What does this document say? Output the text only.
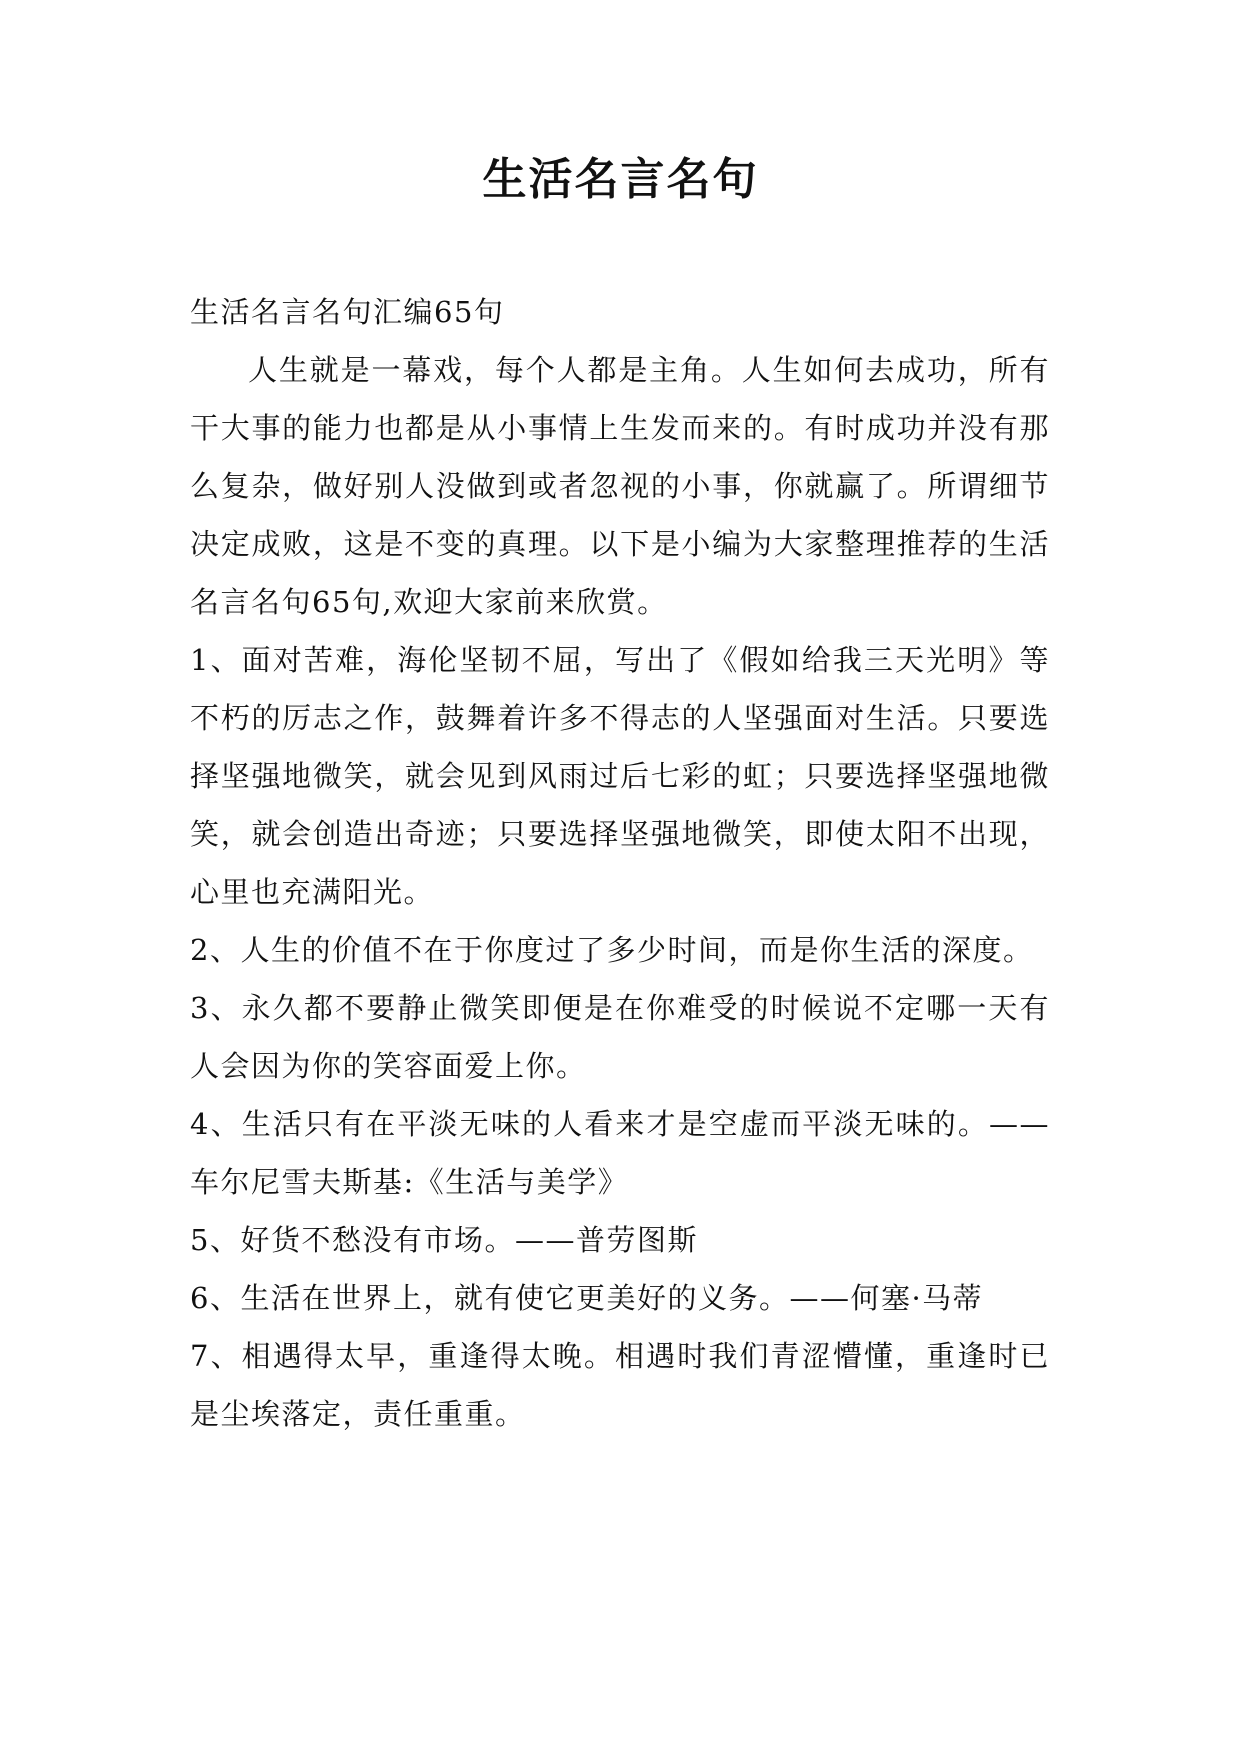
生活名言名句

生活名言名句汇编65句

人生就是一幕戏，每个人都是主角。人生如何去成功，所有干大事的能力也都是从小事情上生发而来的。有时成功并没有那么复杂，做好别人没做到或者忽视的小事，你就赢了。所谓细节决定成败，这是不变的真理。以下是小编为大家整理推荐的生活名言名句65句,欢迎大家前来欣赏。

1、面对苦难，海伦坚韧不屈，写出了《假如给我三天光明》等不朽的厉志之作，鼓舞着许多不得志的人坚强面对生活。只要选择坚强地微笑，就会见到风雨过后七彩的虹；只要选择坚强地微笑，就会创造出奇迹；只要选择坚强地微笑，即使太阳不出现，心里也充满阳光。

2、人生的价值不在于你度过了多少时间，而是你生活的深度。

3、永久都不要静止微笑即便是在你难受的时候说不定哪一天有人会因为你的笑容面爱上你。

4、生活只有在平淡无味的人看来才是空虚而平淡无味的。——车尔尼雪夫斯基:《生活与美学》

5、好货不愁没有市场。——普劳图斯

6、生活在世界上，就有使它更美好的义务。——何塞·马蒂

7、相遇得太早，重逢得太晚。相遇时我们青涩懵懂，重逢时已是尘埃落定，责任重重。
